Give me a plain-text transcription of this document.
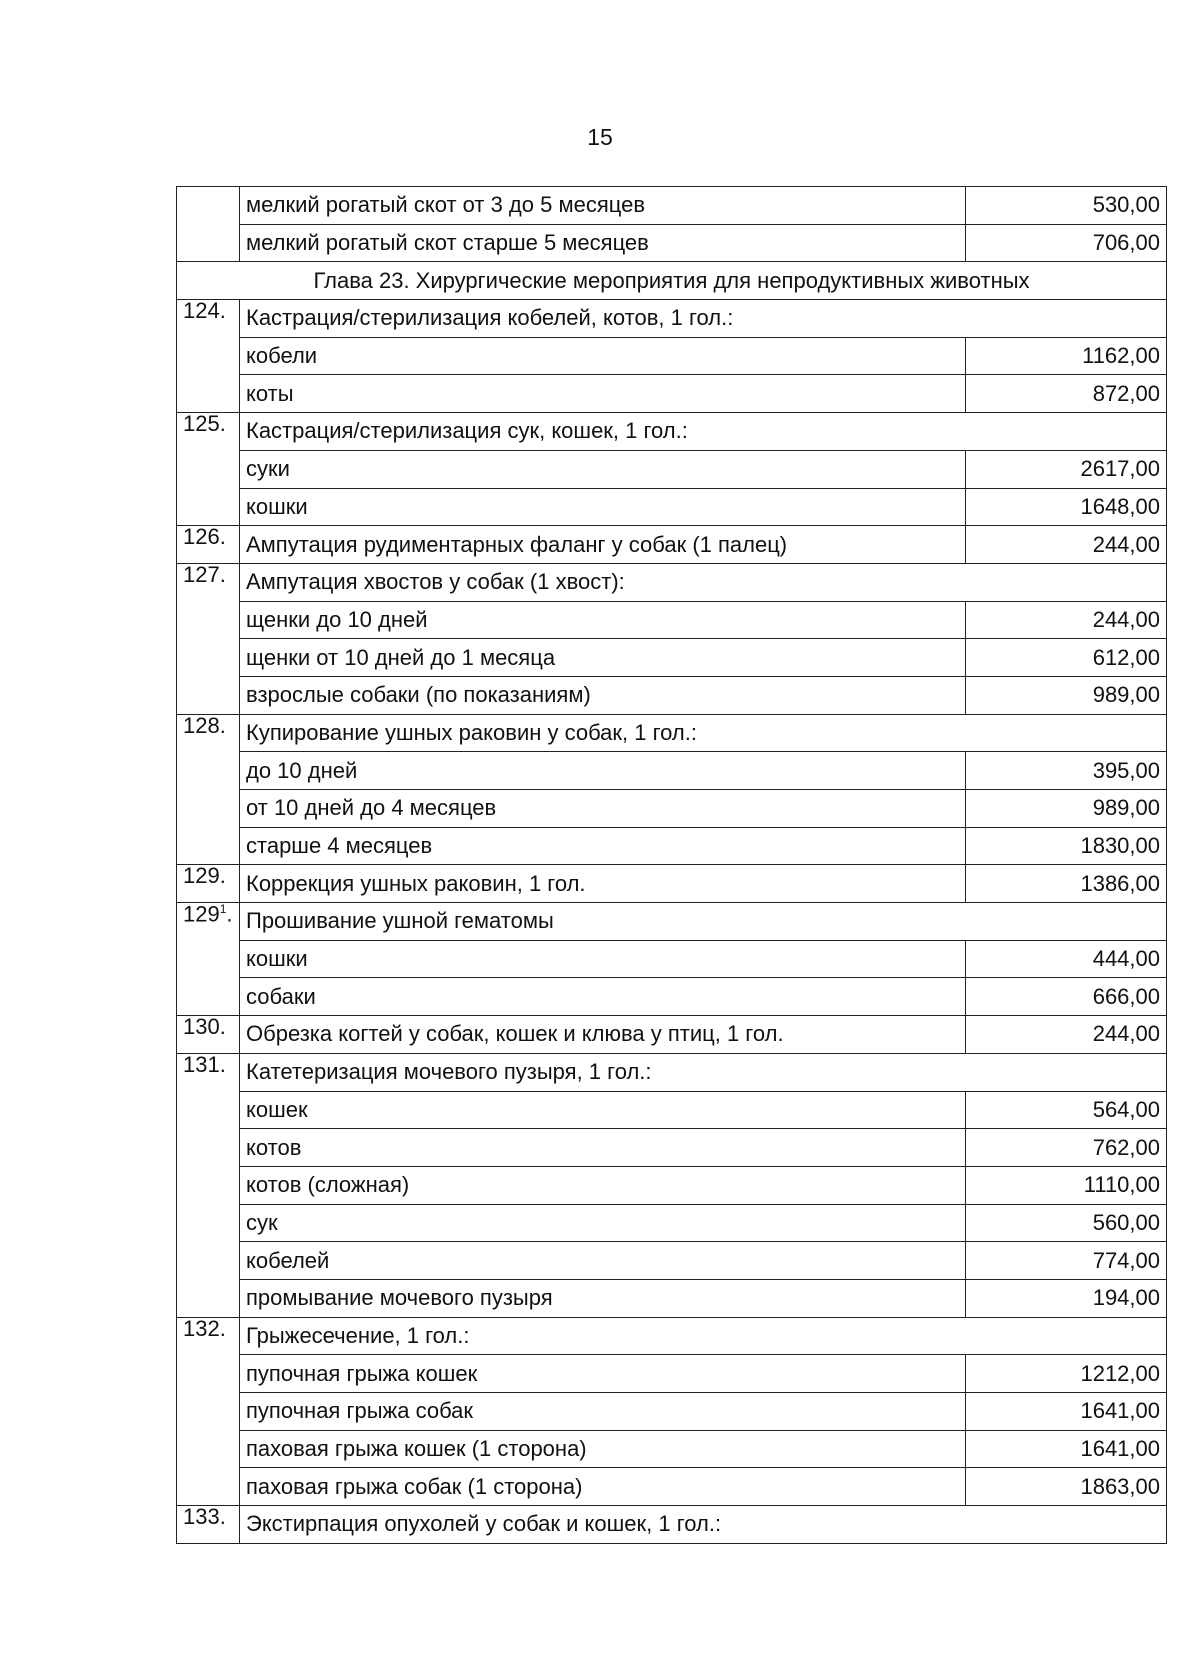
15
	мелкий рогатый скот от 3 до 5 месяцев	530,00
	мелкий рогатый скот старше 5 месяцев	706,00
Глава 23. Хирургические мероприятия для непродуктивных животных		
124.	Кастрация/стерилизация кобелей, котов, 1 гол.:	
	кобели	1162,00
	коты	872,00
125.	Кастрация/стерилизация сук, кошек, 1 гол.:	
	суки	2617,00
	кошки	1648,00
126.	Ампутация рудиментарных фаланг у собак (1 палец)	244,00
127.	Ампутация хвостов у собак (1 хвост):	
	щенки до 10 дней	244,00
	щенки от 10 дней до 1 месяца	612,00
	взрослые собаки (по показаниям)	989,00
128.	Купирование ушных раковин у собак, 1 гол.:	
	до 10 дней	395,00
	от 10 дней до 4 месяцев	989,00
	старше 4 месяцев	1830,00
129.	Коррекция ушных раковин, 1 гол.	1386,00
$129^1$.	Прошивание ушной гематомы	
	кошки	444,00
	собаки	666,00
130.	Обрезка когтей у собак, кошек и клюва у птиц, 1 гол.	244,00
131.	Катетеризация мочевого пузыря, 1 гол.:	
	кошек	564,00
	котов	762,00
	котов (сложная)	1110,00
	сук	560,00
	кобелей	774,00
	промывание мочевого пузыря	194,00
132.	Грыжесечение, 1 гол.:	
	пупочная грыжа кошек	1212,00
	пупочная грыжа собак	1641,00
	паховая грыжа кошек (1 сторона)	1641,00
	паховая грыжа собак (1 сторона)	1863,00
133.	Экстирпация опухолей у собак и кошек, 1 гол.:	
